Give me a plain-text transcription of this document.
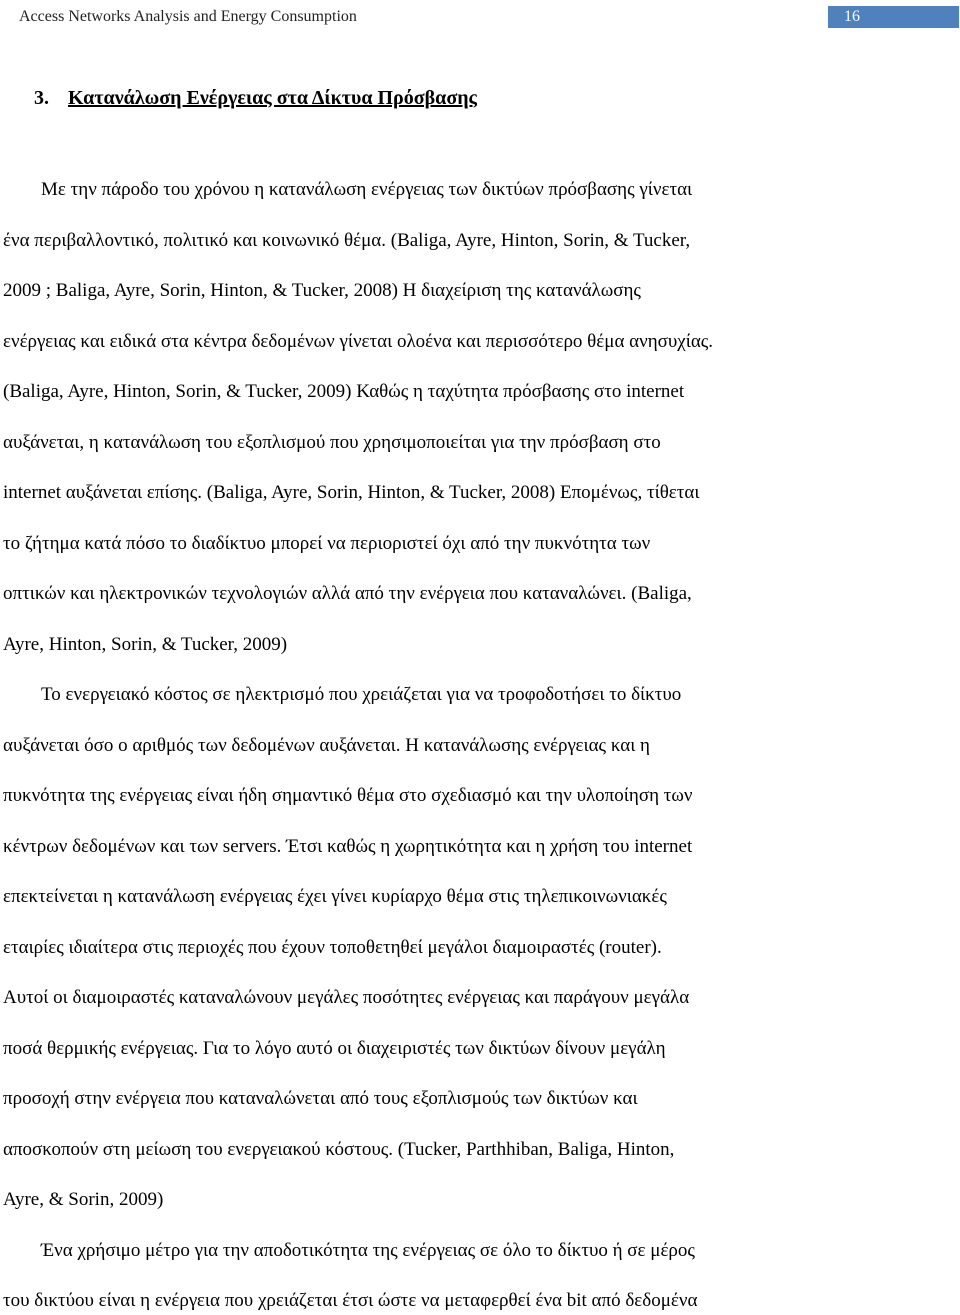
Access Networks Analysis and Energy Consumption	16
3. Κατανάλωση Ενέργειας στα Δίκτυα Πρόσβασης
Με την πάροδο του χρόνου η κατανάλωση ενέργειας των δικτύων πρόσβασης γίνεται
ένα περιβαλλοντικό, πολιτικό και κοινωνικό θέμα. (Baliga, Ayre, Hinton, Sorin, & Tucker,
2009 ; Baliga, Ayre, Sorin, Hinton, & Tucker, 2008) Η διαχείριση της κατανάλωσης
ενέργειας και ειδικά στα κέντρα δεδομένων γίνεται ολοένα και περισσότερο θέμα ανησυχίας.
(Baliga, Ayre, Hinton, Sorin, & Tucker, 2009) Καθώς η ταχύτητα πρόσβασης στο internet
αυξάνεται, η κατανάλωση του εξοπλισμού που χρησιμοποιείται για την πρόσβαση στο
internet αυξάνεται επίσης. (Baliga, Ayre, Sorin, Hinton, & Tucker, 2008) Επομένως, τίθεται
το ζήτημα κατά πόσο το διαδίκτυο μπορεί να περιοριστεί όχι από την πυκνότητα των
οπτικών και ηλεκτρονικών τεχνολογιών αλλά από την ενέργεια που καταναλώνει. (Baliga,
Ayre, Hinton, Sorin, & Tucker, 2009)
Το ενεργειακό κόστος σε ηλεκτρισμό που χρειάζεται για να τροφοδοτήσει το δίκτυο
αυξάνεται όσο ο αριθμός των δεδομένων αυξάνεται. Η κατανάλωσης ενέργειας και η
πυκνότητα της ενέργειας είναι ήδη σημαντικό θέμα στο σχεδιασμό και την υλοποίηση των
κέντρων δεδομένων και των servers. Έτσι καθώς η χωρητικότητα και η χρήση του internet
επεκτείνεται η κατανάλωση ενέργειας έχει γίνει κυρίαρχο θέμα στις τηλεπικοινωνιακές
εταιρίες ιδιαίτερα στις περιοχές που έχουν τοποθετηθεί μεγάλοι διαμοιραστές (router).
Αυτοί οι διαμοιραστές καταναλώνουν μεγάλες ποσότητες ενέργειας και παράγουν μεγάλα
ποσά θερμικής ενέργειας. Για το λόγο αυτό οι διαχειριστές των δικτύων δίνουν μεγάλη
προσοχή στην ενέργεια που καταναλώνεται από τους εξοπλισμούς των δικτύων και
αποσκοπούν στη μείωση του ενεργειακού κόστους. (Tucker, Parthhiban, Baliga, Hinton,
Ayre, & Sorin, 2009)
Ένα χρήσιμο μέτρο για την αποδοτικότητα της ενέργειας σε όλο το δίκτυο ή σε μέρος
του δικτύου είναι η ενέργεια που χρειάζεται έτσι ώστε να μεταφερθεί ένα bit από δεδομένα
